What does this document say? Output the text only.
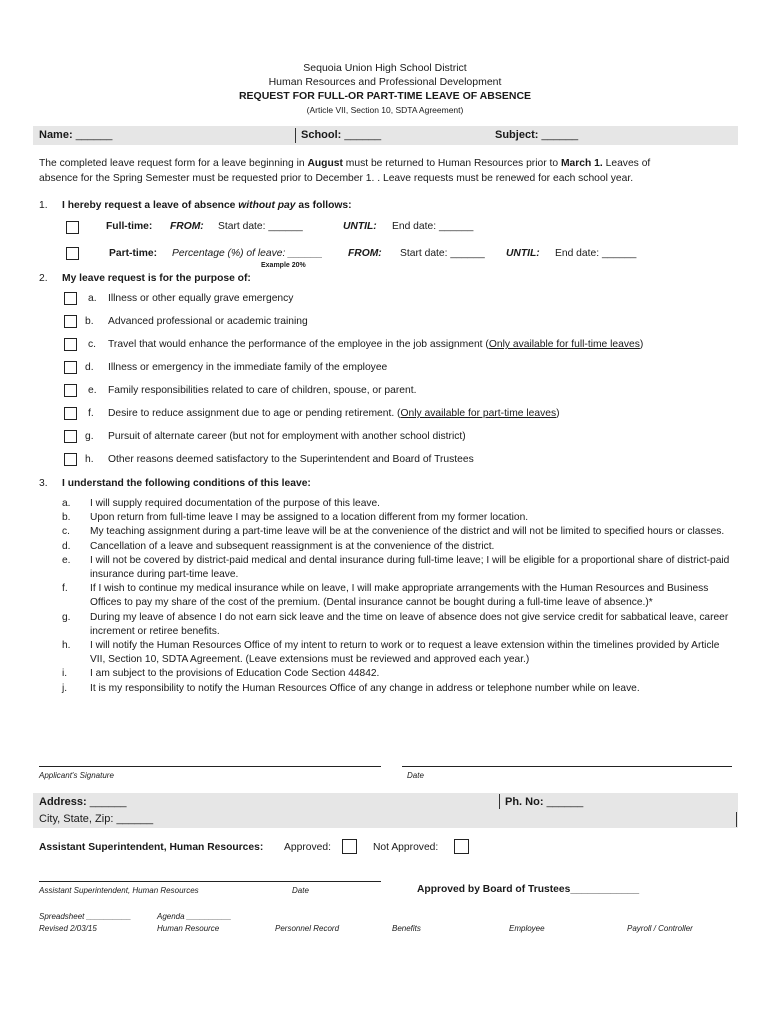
Sequoia Union High School District
Human Resources and Professional Development
REQUEST FOR FULL-OR PART-TIME LEAVE OF ABSENCE
(Article VII, Section 10, SDTA Agreement)
Name: ______	School: ______	Subject: ______
The completed leave request form for a leave beginning in August must be returned to Human Resources prior to March 1. Leaves of
absence for the Spring Semester must be requested prior to December 1. . Leave requests must be renewed for each school year.
1. I hereby request a leave of absence without pay as follows:
Full-time: FROM: Start date: ______	UNTIL: End date: ______
Part-time: Percentage (%) of leave: ______ FROM: Start date: ______ UNTIL: End date: ______
Example 20%
2. My leave request is for the purpose of:
a. Illness or other equally grave emergency
b. Advanced professional or academic training
c. Travel that would enhance the performance of the employee in the job assignment (Only available for full-time leaves)
d. Illness or emergency in the immediate family of the employee
e. Family responsibilities related to care of children, spouse, or parent.
f. Desire to reduce assignment due to age or pending retirement. (Only available for part-time leaves)
g. Pursuit of alternate career (but not for employment with another school district)
h. Other reasons deemed satisfactory to the Superintendent and Board of Trustees
3. I understand the following conditions of this leave:
a.	I will supply required documentation of the purpose of this leave.
b.	Upon return from full-time leave I may be assigned to a location different from my former location.
c.	My teaching assignment during a part-time leave will be at the convenience of the district and will not be limited to specified hours or classes.
d.	Cancellation of a leave and subsequent reassignment is at the convenience of the district.
e.	I will not be covered by district-paid medical and dental insurance during full-time leave; I will be eligible for a proportional share of district-paid insurance during part-time leave.
f.	If I wish to continue my medical insurance while on leave, I will make appropriate arrangements with the Human Resources and Business Offices to pay my share of the cost of the premium. (Dental insurance cannot be bought during a full-time leave of absence.)*
g.	During my leave of absence I do not earn sick leave and the time on leave of absence does not give service credit for sabbatical leave, career increment or retiree benefits.
h.	I will notify the Human Resources Office of my intent to return to work or to request a leave extension within the timelines provided by Article VII, Section 10, SDTA Agreement. (Leave extensions must be reviewed and approved each year.)
i.	I am subject to the provisions of Education Code Section 44842.
j.	It is my responsibility to notify the Human Resources Office of any change in address or telephone number while on leave.
Applicant's Signature	Date
Address: ______	Ph. No: ______
City, State, Zip: ______
Assistant Superintendent, Human Resources: Approved:	Not Approved:
Assistant Superintendent, Human Resources	Date	Approved by Board of Trustees____________
Spreadsheet __________
Revised 2/03/15
Agenda __________
Human Resource	Personnel Record	Benefits	Employee	Payroll / Controller
